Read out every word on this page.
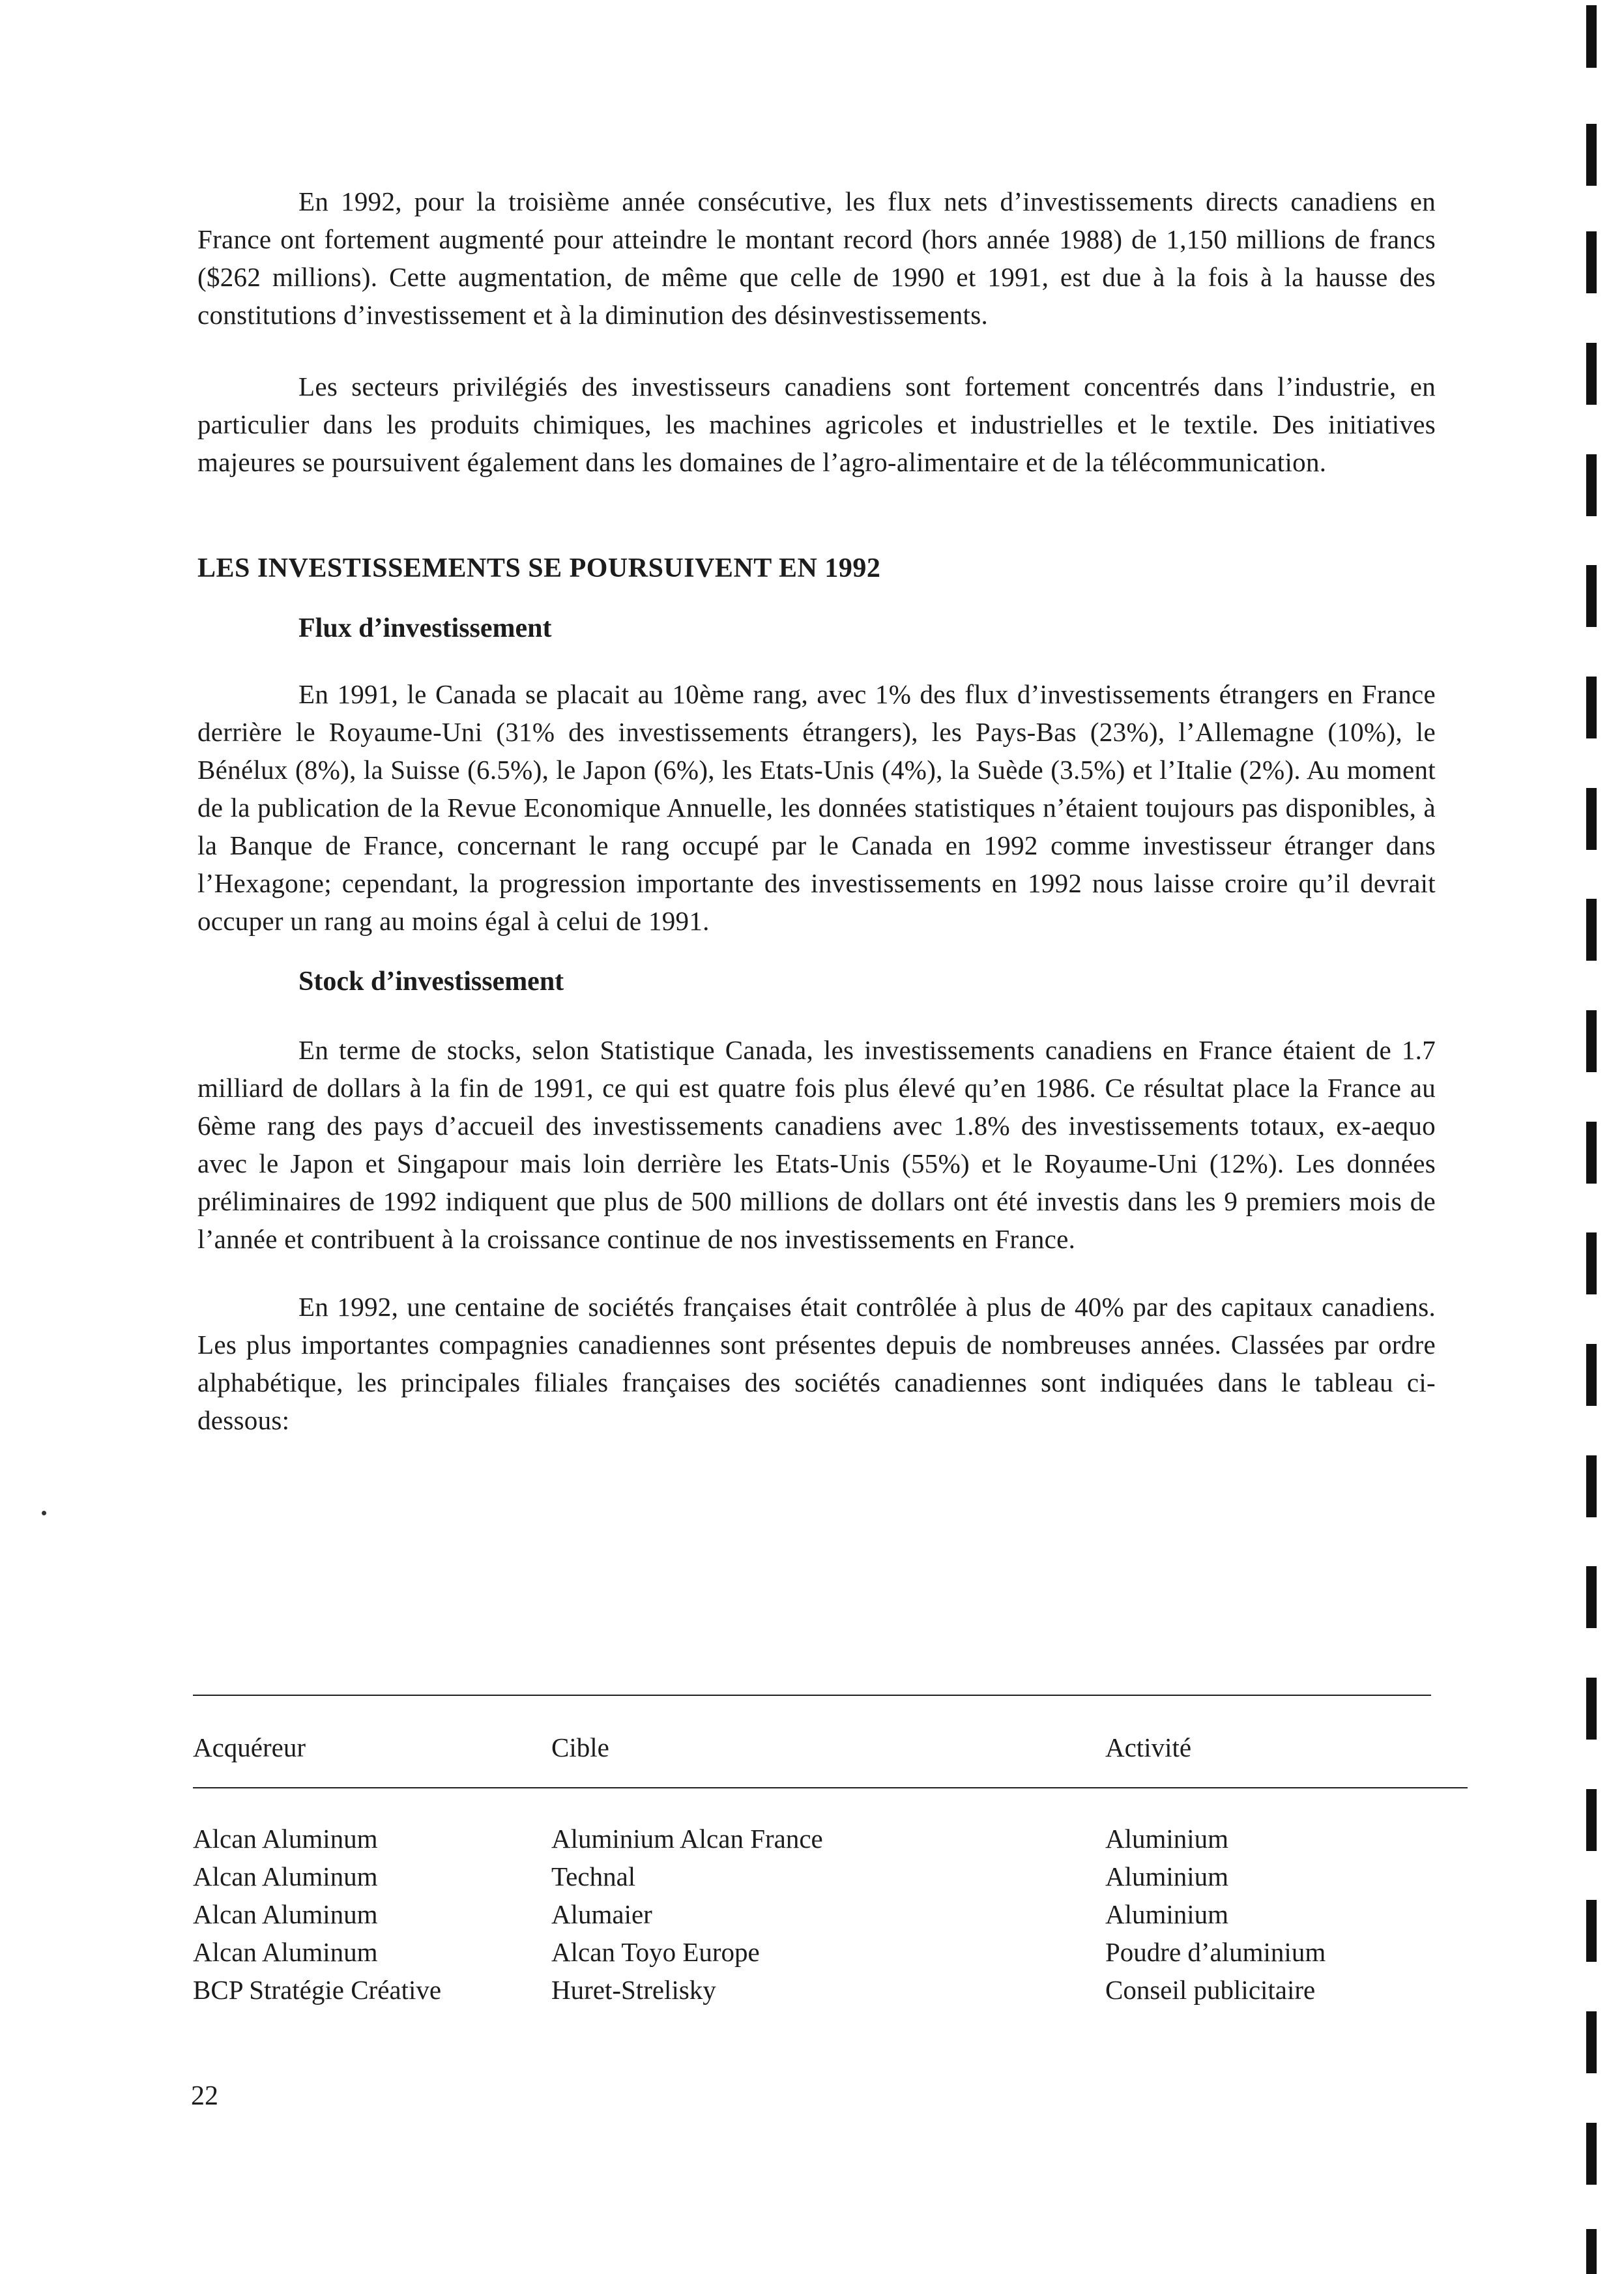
En 1992, pour la troisième année consécutive, les flux nets d’investissements directs canadiens en France ont fortement augmenté pour atteindre le montant record (hors année 1988) de 1,150 millions de francs ($262 millions). Cette augmentation, de même que celle de 1990 et 1991, est due à la fois à la hausse des constitutions d’investissement et à la diminution des désinvestissements.

Les secteurs privilégiés des investisseurs canadiens sont fortement concentrés dans l’industrie, en particulier dans les produits chimiques, les machines agricoles et industrielles et le textile. Des initiatives majeures se poursuivent également dans les domaines de l’agro-alimentaire et de la télécommunication.

LES INVESTISSEMENTS SE POURSUIVENT EN 1992
Flux d’investissement

En 1991, le Canada se placait au 10ème rang, avec 1% des flux d’investissements étrangers en France derrière le Royaume-Uni (31% des investissements étrangers), les Pays-Bas (23%), l’Allemagne (10%), le Bénélux (8%), la Suisse (6.5%), le Japon (6%), les Etats-Unis (4%), la Suède (3.5%) et l’Italie (2%). Au moment de la publication de la Revue Economique Annuelle, les données statistiques n’étaient toujours pas disponibles, à la Banque de France, concernant le rang occupé par le Canada en 1992 comme investisseur étranger dans l’Hexagone; cependant, la progression importante des investissements en 1992 nous laisse croire qu’il devrait occuper un rang au moins égal à celui de 1991.

Stock d’investissement

En terme de stocks, selon Statistique Canada, les investissements canadiens en France étaient de 1.7 milliard de dollars à la fin de 1991, ce qui est quatre fois plus élevé qu’en 1986. Ce résultat place la France au 6ème rang des pays d’accueil des investissements canadiens avec 1.8% des investissements totaux, ex-aequo avec le Japon et Singapour mais loin derrière les Etats-Unis (55%) et le Royaume-Uni (12%). Les données préliminaires de 1992 indiquent que plus de 500 millions de dollars ont été investis dans les 9 premiers mois de l’année et contribuent à la croissance continue de nos investissements en France.

En 1992, une centaine de sociétés françaises était contrôlée à plus de 40% par des capitaux canadiens. Les plus importantes compagnies canadiennes sont présentes depuis de nombreuses années. Classées par ordre alphabétique, les principales filiales françaises des sociétés canadiennes sont indiquées dans le tableau ci-dessous:

Acquéreur	Cible	Activité
Alcan Aluminum	Aluminium Alcan France	Aluminium
Alcan Aluminum	Technal	Aluminium
Alcan Aluminum	Alumaier	Aluminium
Alcan Aluminum	Alcan Toyo Europe	Poudre d’aluminium
BCP Stratégie Créative	Huret-Strelisky	Conseil publicitaire
22
